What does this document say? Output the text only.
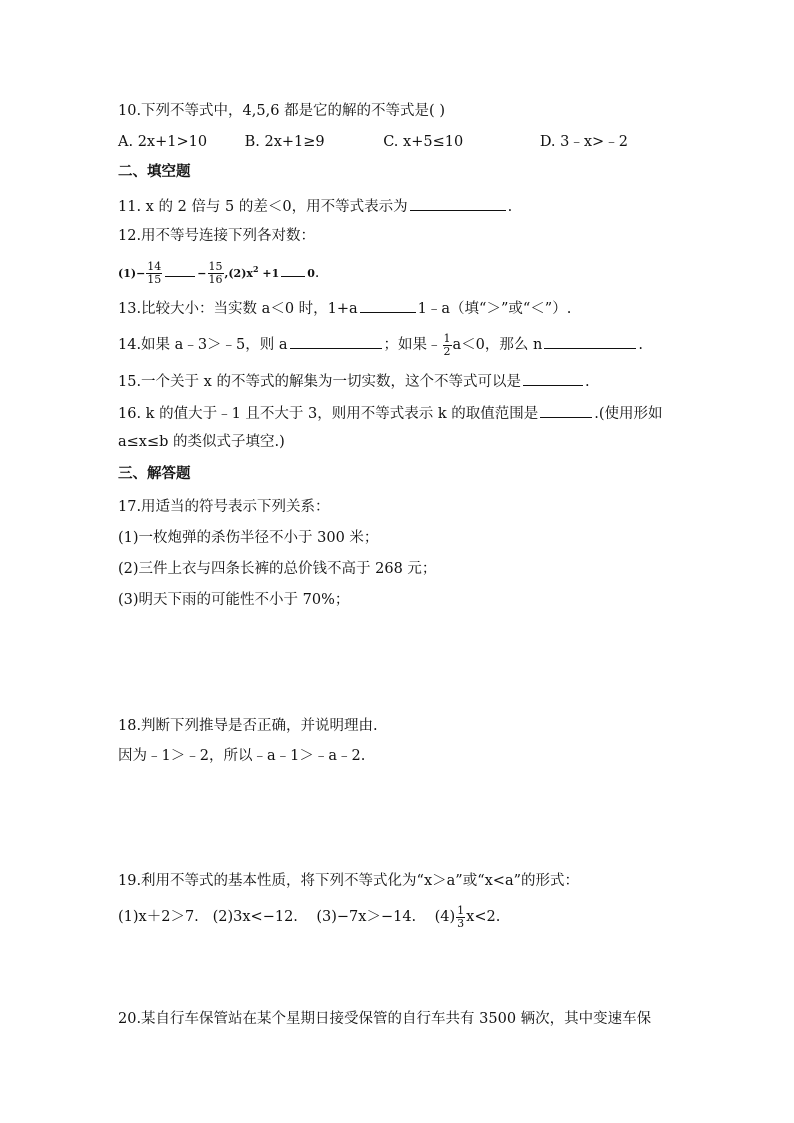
10.下列不等式中，4,5,6 都是它的解的不等式是( )
A. 2x+1>10	B. 2x+1≥9	C. x+5≤10	D. 3﹣x>﹣2
二、填空题
11. x 的 2 倍与 5 的差＜0，用不等式表示为	.
12.用不等号连接下列各对数：
$(1)- \frac{14}{15}$	− $\frac{15}{16} ,(2)x^2 +1$	0.
13.比较大小：当实数 a＜0 时，1+a	1﹣a（填“＞”或“＜”）.
14.如果 a﹣3＞﹣5，则 a	；如果﹣ $\frac{1}{2} a<0$，那么 n	.
15.一个关于 x 的不等式的解集为一切实数，这个不等式可以是	.
16. k 的值大于﹣1 且不大于 3，则用不等式表示 k 的取值范围是	.(使用形如
a≤x≤b 的类似式子填空.)
三、解答题
17.用适当的符号表示下列关系：
(1)一枚炮弹的杀伤半径不小于 300 米；
(2)三件上衣与四条长裤的总价钱不高于 268 元；
(3)明天下雨的可能性不小于 70%；
18.判断下列推导是否正确，并说明理由.
因为﹣1＞﹣2，所以﹣a﹣1＞﹣a﹣2.
19.利用不等式的基本性质，将下列不等式化为“x＞a”或“x<a”的形式：
(1)x＋2＞7. (2)3x<−12. (3)−7x＞−14. $(4) \frac{1}{3} x<2$.
20.某自行车保管站在某个星期日接受保管的自行车共有 3500 辆次，其中变速车保
